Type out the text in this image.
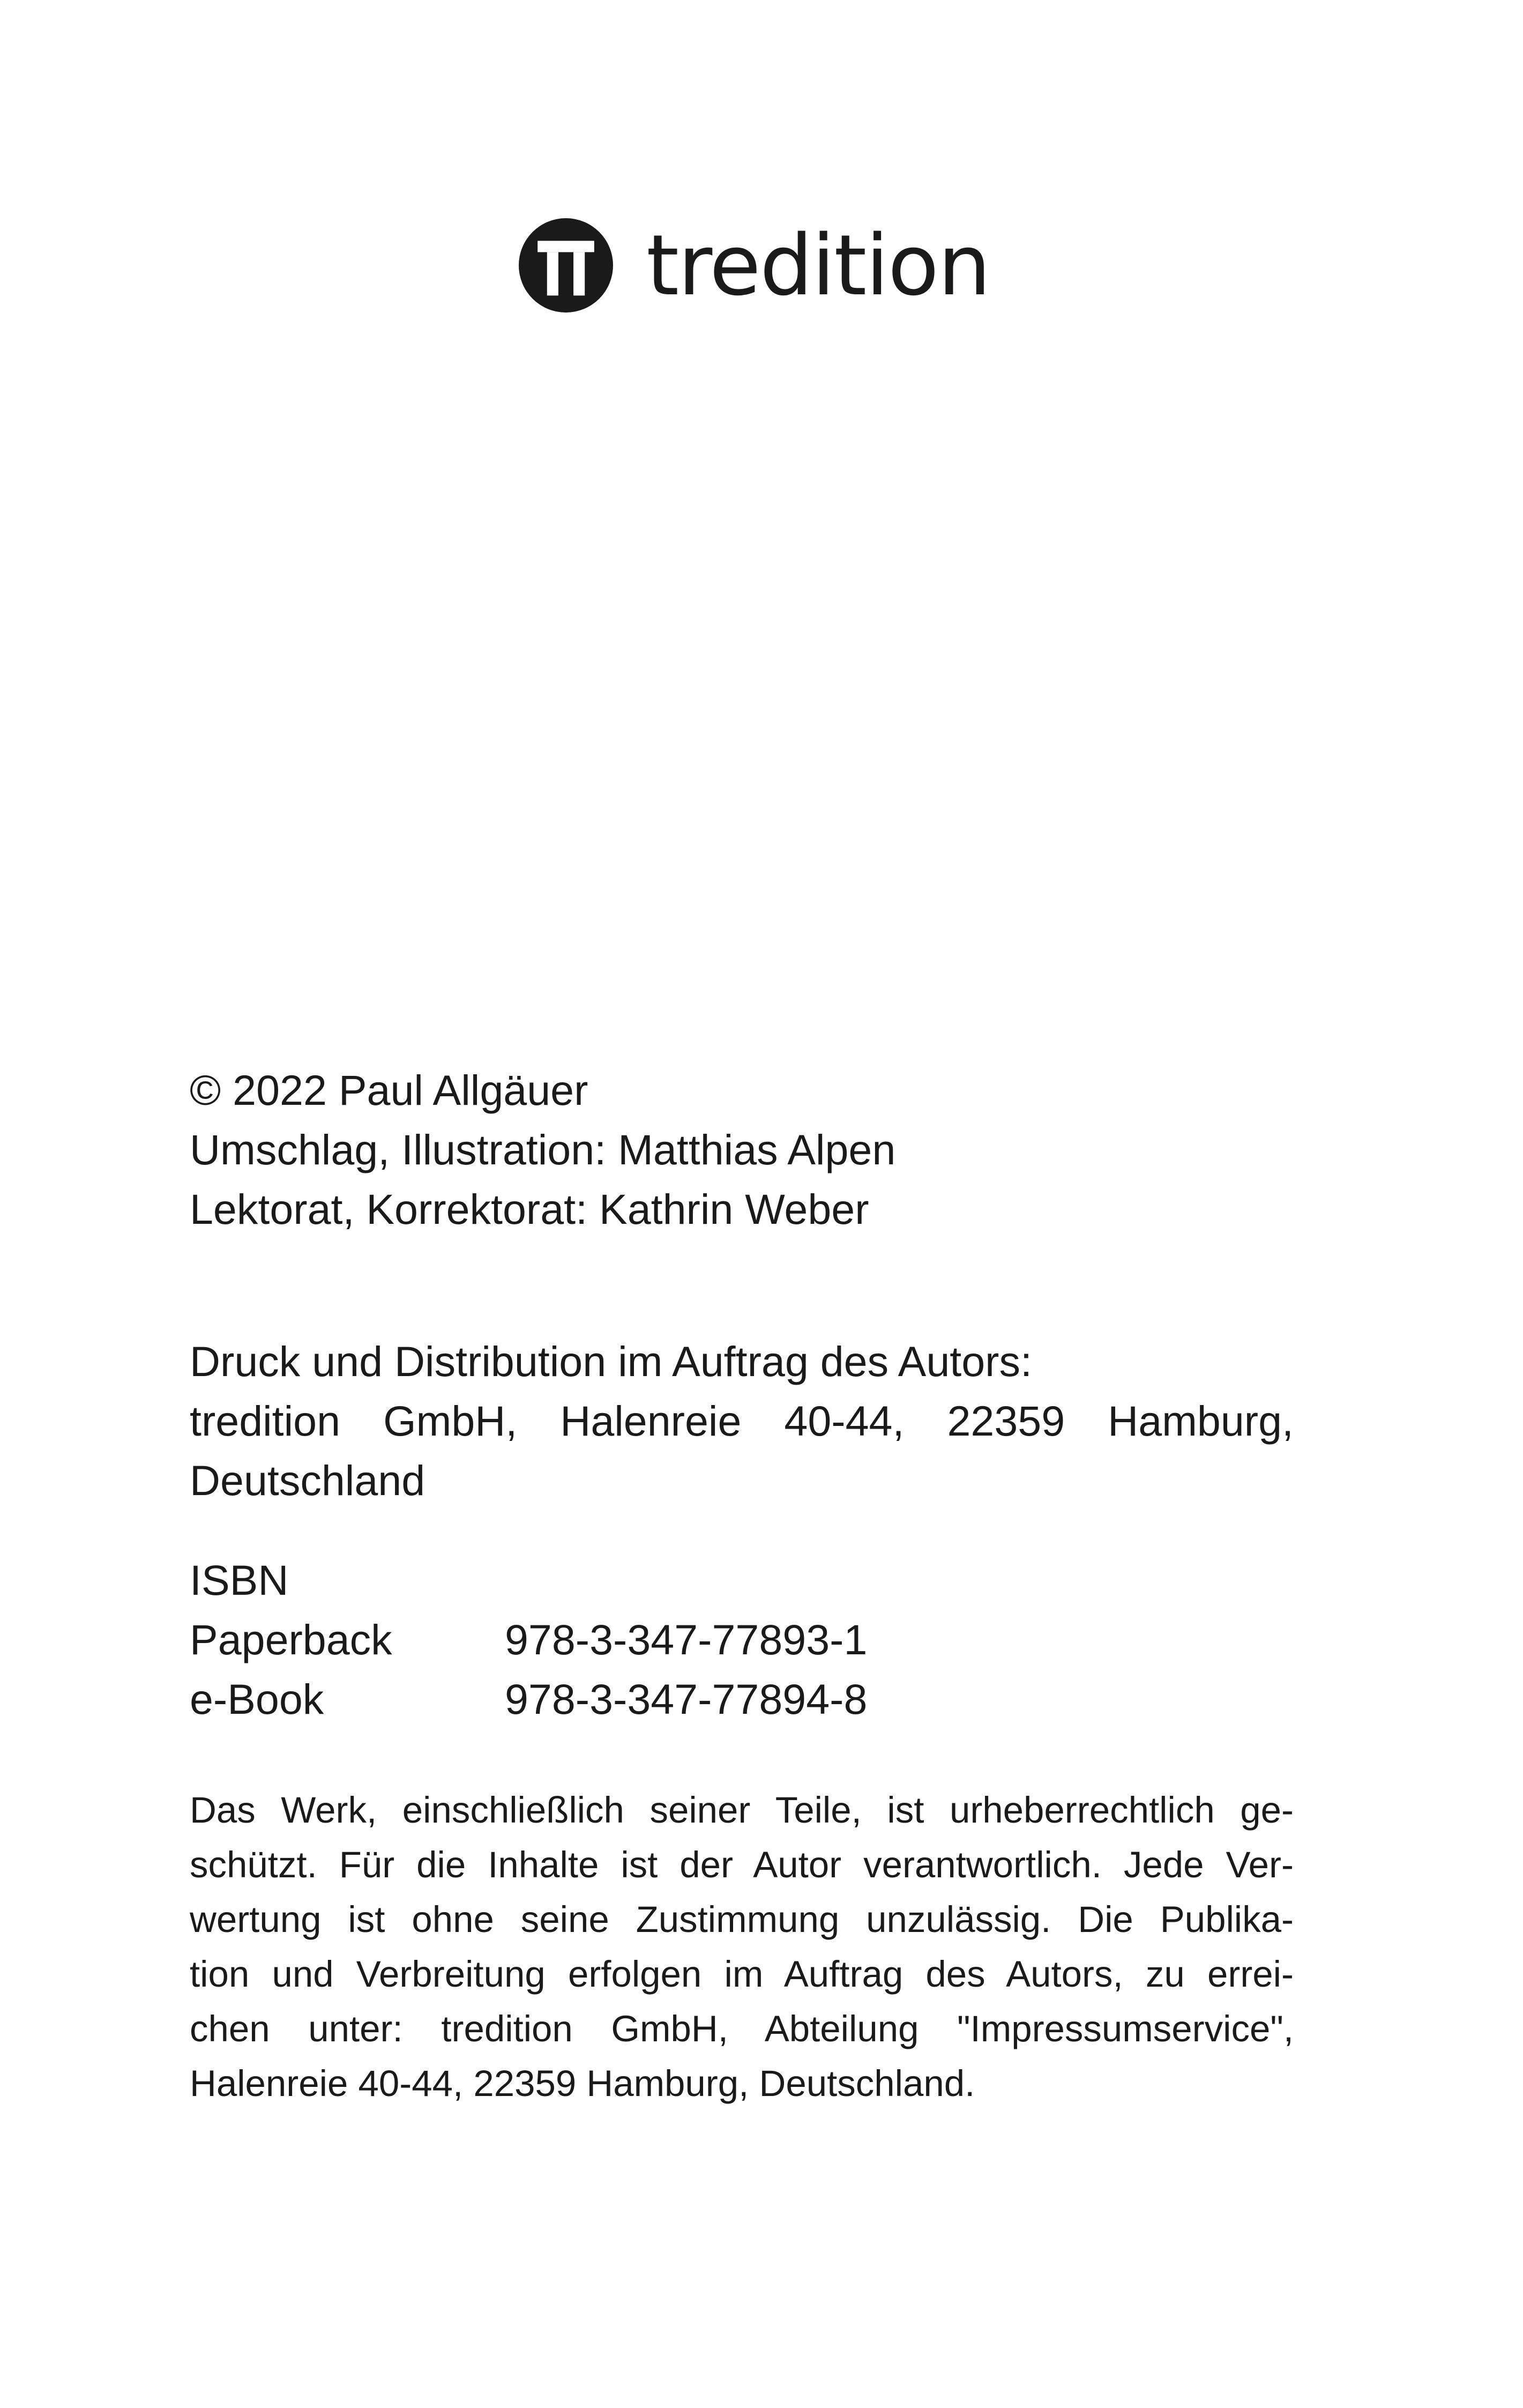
tredition
© 2022 Paul Allgäuer
Umschlag, Illustration: Matthias Alpen
Lektorat, Korrektorat: Kathrin Weber
Druck und Distribution im Auftrag des Autors:
tredition GmbH, Halenreie 40-44, 22359 Hamburg,
Deutschland
ISBN
Paperback	978-3-347-77893-1
e-Book	978-3-347-77894-8
Das Werk, einschließlich seiner Teile, ist urheberrechtlich ge-
schützt. Für die Inhalte ist der Autor verantwortlich. Jede Ver-
wertung ist ohne seine Zustimmung unzulässig. Die Publika-
tion und Verbreitung erfolgen im Auftrag des Autors, zu errei-
chen unter: tredition GmbH, Abteilung "Impressumservice",
Halenreie 40-44, 22359 Hamburg, Deutschland.
